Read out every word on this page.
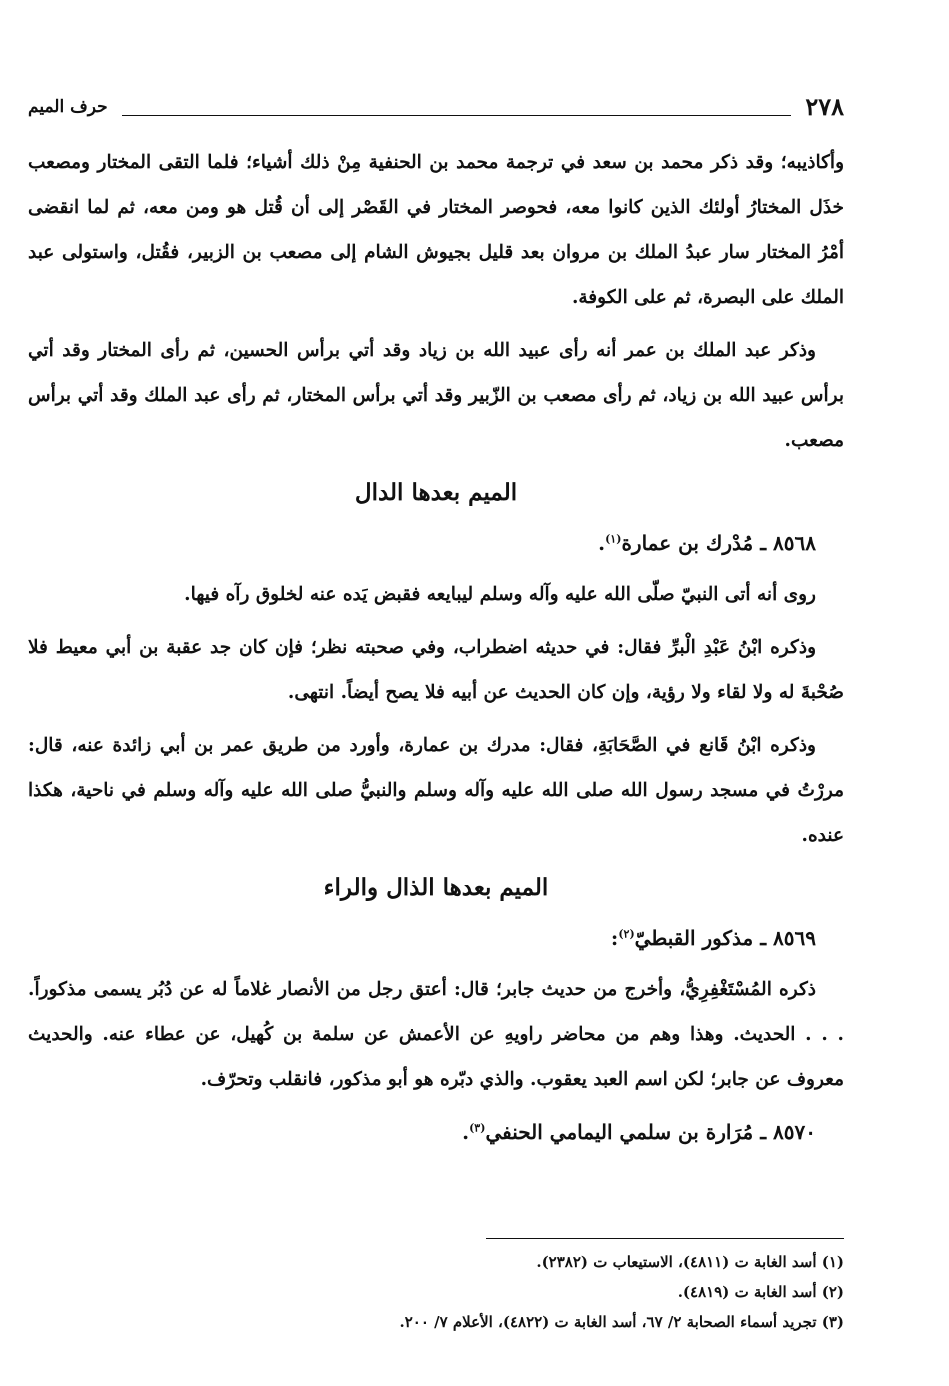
٢٧٨
حرف الميم

وأكاذيبه؛ وقد ذكر محمد بن سعد في ترجمة محمد بن الحنفية مِنْ ذلك أشياء؛ فلما التقى المختار ومصعب خذَل المختارُ أولئك الذين كانوا معه، فحوصر المختار في القَصْر إلى أن قُتل هو ومن معه، ثم لما انقضى أمْرُ المختار سار عبدُ الملك بن مروان بعد قليل بجيوش الشام إلى مصعب بن الزبير، فقُتل، واستولى عبد الملك على البصرة، ثم على الكوفة.

وذكر عبد الملك بن عمر أنه رأى عبيد الله بن زياد وقد أتي برأس الحسين، ثم رأى المختار وقد أتي برأس عبيد الله بن زياد، ثم رأى مصعب بن الزّبير وقد أتي برأس المختار، ثم رأى عبد الملك وقد أتي برأس مصعب.

الميم بعدها الدال

٨٥٦٨ ـ مُدْرك بن عمارة$^{(١)}$.

روى أنه أتى النبيّ صلّى الله عليه وآله وسلم ليبايعه فقبض يَده عنه لخلوق رآه فيها.

وذكره ابْنُ عَبْدِ الْبرِّ فقال: في حديثه اضطراب، وفي صحبته نظر؛ فإن كان جد عقبة بن أبي معيط فلا صُحْبةَ له ولا لقاء ولا رؤية، وإن كان الحديث عن أبيه فلا يصح أيضاً. انتهى.

وذكره ابْنُ قَانع في الصَّحَابَةِ، فقال: مدرك بن عمارة، وأورد من طريق عمر بن أبي زائدة عنه، قال: مررْتُ في مسجد رسول الله صلى الله عليه وآله وسلم والنبيُّ صلى الله عليه وآله وسلم في ناحية، هكذا عنده.

الميم بعدها الذال والراء

٨٥٦٩ ـ مذكور القبطيّ$^{(٢)}$:

ذكره المُسْتَغْفِرِيُّ، وأخرج من حديث جابر؛ قال: أعتق رجل من الأنصار غلاماً له عن دُبُر يسمى مذكوراً. . . . الحديث. وهذا وهم من محاضر راويهِ عن الأعمش عن سلمة بن كُهيل، عن عطاء عنه. والحديث معروف عن جابر؛ لكن اسم العبد يعقوب. والذي دبّره هو أبو مذكور، فانقلب وتحرّف.

٨٥٧٠ ـ مُرَارة بن سلمي اليمامي الحنفي$^{(٣)}$.

(١) أسد الغابة ت (٤٨١١)، الاستيعاب ت (٢٣٨٢).

(٢) أسد الغابة ت (٤٨١٩).

(٣) تجريد أسماء الصحابة ٢/ ٦٧، أسد الغابة ت (٤٨٢٢)، الأعلام ٧/ ٢٠٠.
